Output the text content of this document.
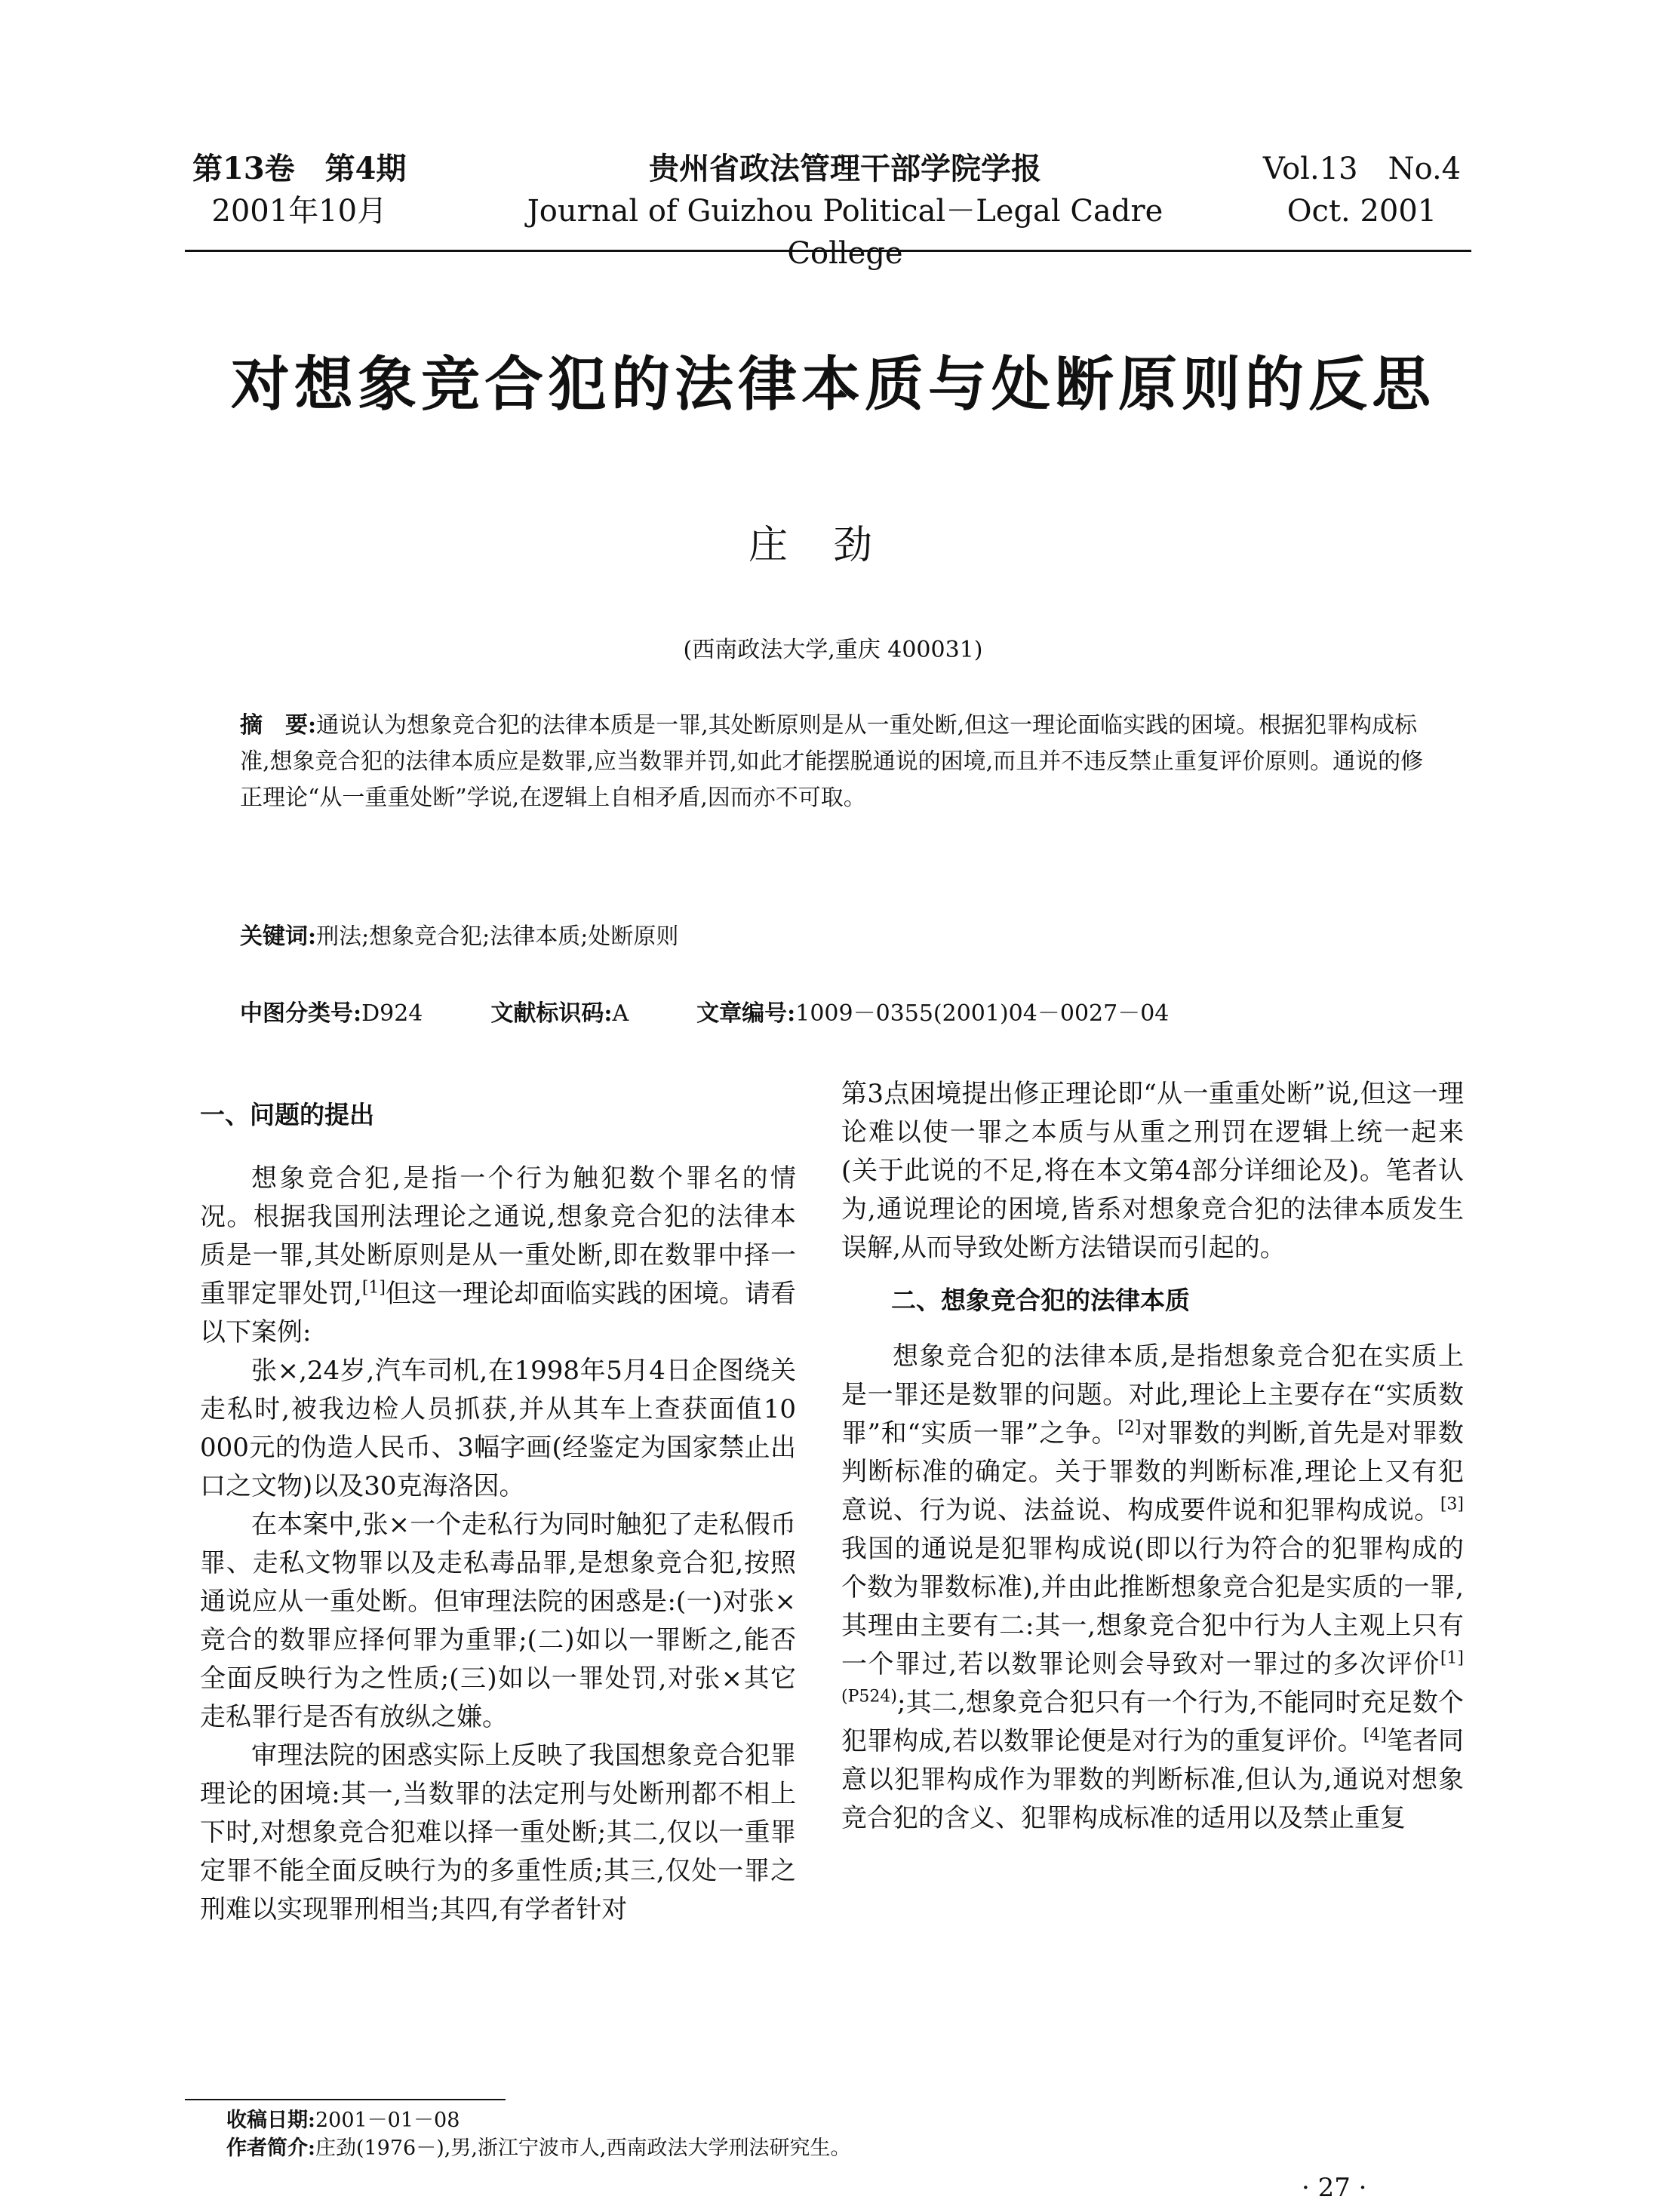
第13卷　第4期
2001年10月
贵州省政法管理干部学院学报
Journal of Guizhou Political－Legal Cadre College
Vol.13　No.4
Oct. 2001
对想象竞合犯的法律本质与处断原则的反思
庄劲
(西南政法大学,重庆 400031)
摘　要:通说认为想象竞合犯的法律本质是一罪,其处断原则是从一重处断,但这一理论面临实践的困境。根据犯罪构成标准,想象竞合犯的法律本质应是数罪,应当数罪并罚,如此才能摆脱通说的困境,而且并不违反禁止重复评价原则。通说的修正理论“从一重重处断”学说,在逻辑上自相矛盾,因而亦不可取。
关键词:刑法;想象竞合犯;法律本质;处断原则
中图分类号:D924	文献标识码:A	文章编号:1009－0355(2001)04－0027－04
一、问题的提出

想象竞合犯,是指一个行为触犯数个罪名的情况。根据我国刑法理论之通说,想象竞合犯的法律本质是一罪,其处断原则是从一重处断,即在数罪中择一重罪定罪处罚,[1]但这一理论却面临实践的困境。请看以下案例:

张×,24岁,汽车司机,在1998年5月4日企图绕关走私时,被我边检人员抓获,并从其车上查获面值10 000元的伪造人民币、3幅字画(经鉴定为国家禁止出口之文物)以及30克海洛因。

在本案中,张×一个走私行为同时触犯了走私假币罪、走私文物罪以及走私毒品罪,是想象竞合犯,按照通说应从一重处断。但审理法院的困惑是:(一)对张×竞合的数罪应择何罪为重罪;(二)如以一罪断之,能否全面反映行为之性质;(三)如以一罪处罚,对张×其它走私罪行是否有放纵之嫌。

审理法院的困惑实际上反映了我国想象竞合犯罪理论的困境:其一,当数罪的法定刑与处断刑都不相上下时,对想象竞合犯难以择一重处断;其二,仅以一重罪定罪不能全面反映行为的多重性质;其三,仅处一罪之刑难以实现罪刑相当;其四,有学者针对

第3点困境提出修正理论即“从一重重处断”说,但这一理论难以使一罪之本质与从重之刑罚在逻辑上统一起来(关于此说的不足,将在本文第4部分详细论及)。笔者认为,通说理论的困境,皆系对想象竞合犯的法律本质发生误解,从而导致处断方法错误而引起的。

二、想象竞合犯的法律本质

想象竞合犯的法律本质,是指想象竞合犯在实质上是一罪还是数罪的问题。对此,理论上主要存在“实质数罪”和“实质一罪”之争。[2]对罪数的判断,首先是对罪数判断标准的确定。关于罪数的判断标准,理论上又有犯意说、行为说、法益说、构成要件说和犯罪构成说。[3]我国的通说是犯罪构成说(即以行为符合的犯罪构成的个数为罪数标准),并由此推断想象竞合犯是实质的一罪,其理由主要有二:其一,想象竞合犯中行为人主观上只有一个罪过,若以数罪论则会导致对一罪过的多次评价$^{[1](P524)}$;其二,想象竞合犯只有一个行为,不能同时充足数个犯罪构成,若以数罪论便是对行为的重复评价。[4]笔者同意以犯罪构成作为罪数的判断标准,但认为,通说对想象竞合犯的含义、犯罪构成标准的适用以及禁止重复

收稿日期:2001－01－08
作者简介:庄劲(1976－),男,浙江宁波市人,西南政法大学刑法研究生。
· 27 ·
